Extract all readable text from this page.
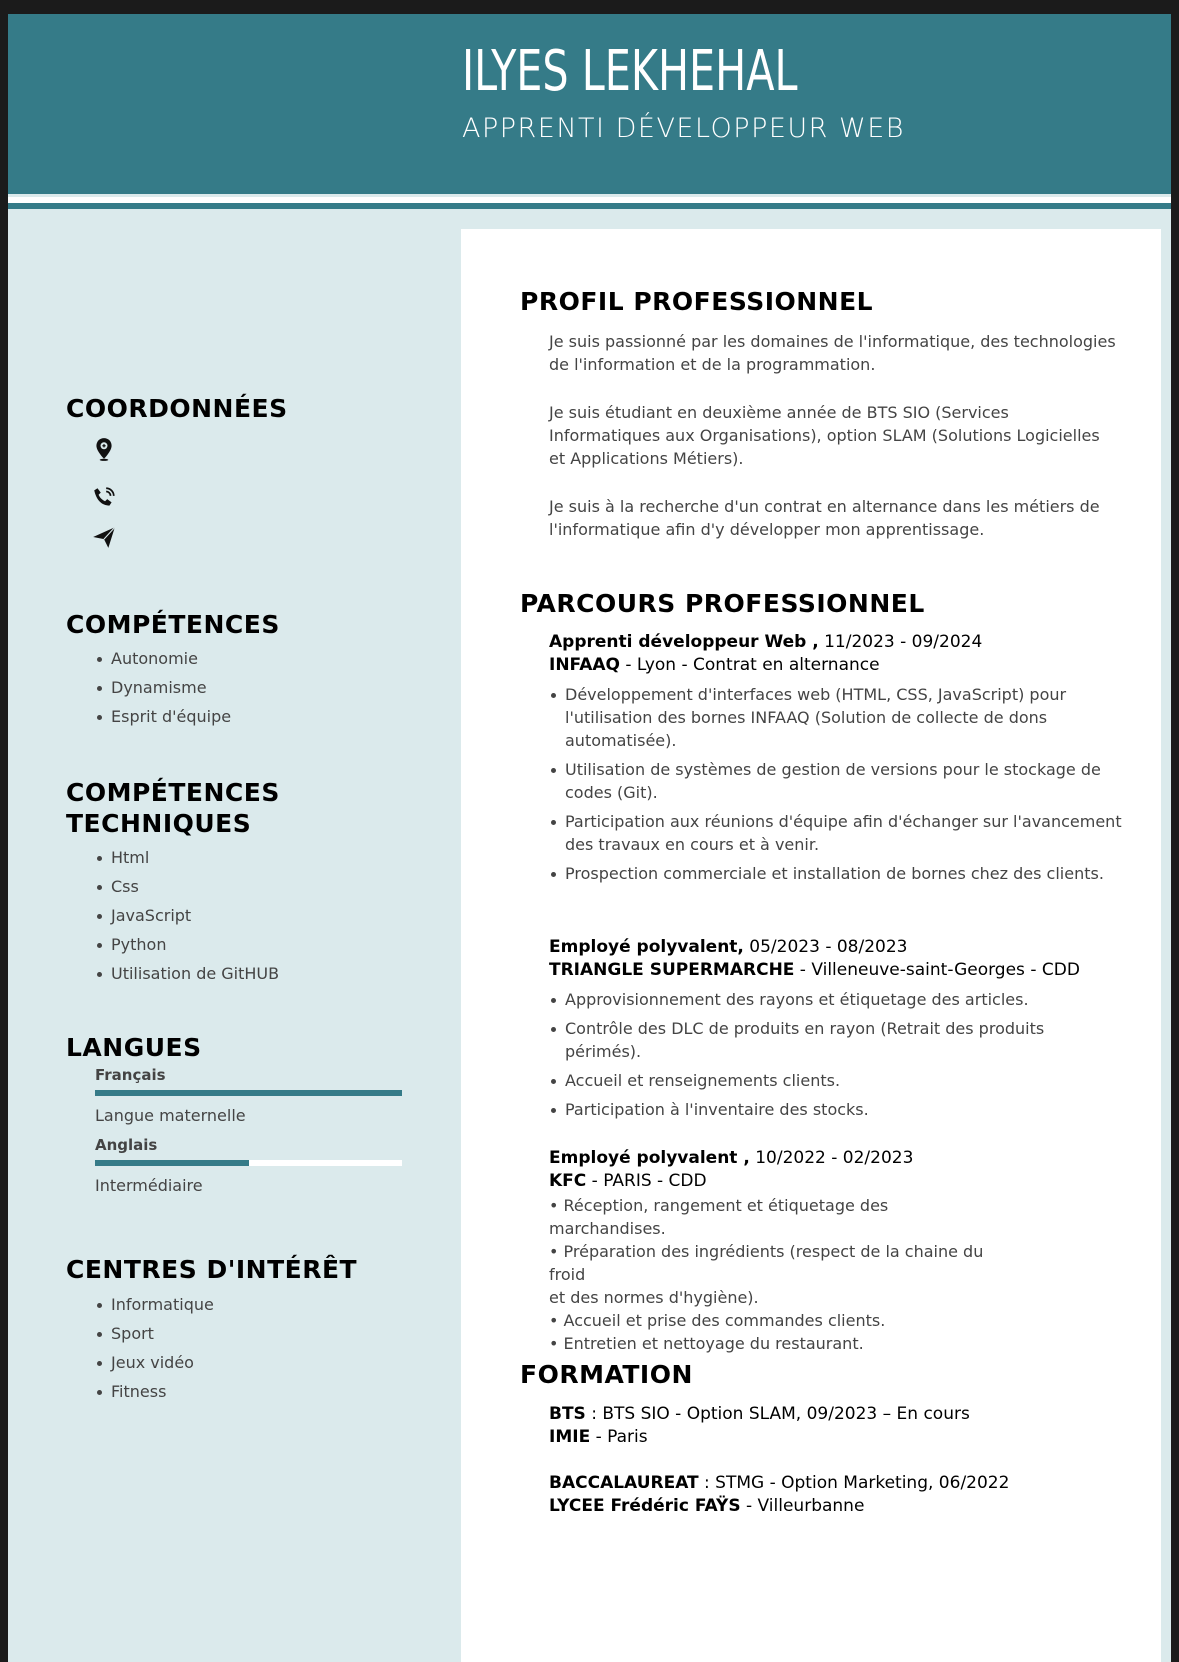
ILYES LEKHEHAL
APPRENTI DÉVELOPPEUR WEB
COORDONNÉES
COMPÉTENCES
Autonomie
Dynamisme
Esprit d'équipe
COMPÉTENCES
TECHNIQUES
Html
Css
JavaScript
Python
Utilisation de GitHUB
LANGUES
Français
Langue maternelle
Anglais
Intermédiaire
CENTRES D'INTÉRÊT
Informatique
Sport
Jeux vidéo
Fitness
PROFIL PROFESSIONNEL

Je suis passionné par les domaines de l'informatique, des technologies de l'information et de la programmation.

Je suis étudiant en deuxième année de BTS SIO (Services Informatiques aux Organisations), option SLAM (Solutions Logicielles et Applications Métiers).

Je suis à la recherche d'un contrat en alternance dans les métiers de l'informatique afin d'y développer mon apprentissage.

PARCOURS PROFESSIONNEL
Apprenti développeur Web , 11/2023 - 09/2024
INFAAQ - Lyon - Contrat en alternance
Développement d'interfaces web (HTML, CSS, JavaScript) pour l'utilisation des bornes INFAAQ (Solution de collecte de dons automatisée).
Utilisation de systèmes de gestion de versions pour le stockage de codes (Git).
Participation aux réunions d'équipe afin d'échanger sur l'avancement des travaux en cours et à venir.
Prospection commerciale et installation de bornes chez des clients.
Employé polyvalent, 05/2023 - 08/2023
TRIANGLE SUPERMARCHE - Villeneuve-saint-Georges - CDD
Approvisionnement des rayons et étiquetage des articles.
Contrôle des DLC de produits en rayon (Retrait des produits périmés).
Accueil et renseignements clients.
Participation à l'inventaire des stocks.
Employé polyvalent , 10/2022 - 02/2023
KFC - PARIS - CDD
• Réception, rangement et étiquetage des marchandises.
• Préparation des ingrédients (respect de la chaine du froid
et des normes d'hygiène).
• Accueil et prise des commandes clients.
• Entretien et nettoyage du restaurant.
FORMATION
BTS : BTS SIO - Option SLAM, 09/2023 – En cours
IMIE - Paris
BACCALAUREAT : STMG - Option Marketing, 06/2022
LYCEE Frédéric FAŸS - Villeurbanne
